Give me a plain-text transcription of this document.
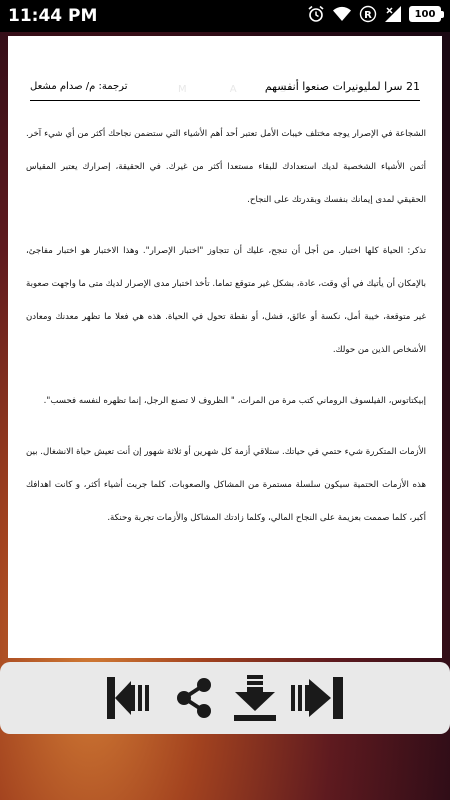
11:44 PM	R	100
M A S
21 سرا لمليونيرات صنعوا أنفسهم
ترجمة: م/ صدام مشعل

الشجاعة في الإصرار يوجه مختلف خيبات الأمل تعتبر أحد أهم الأشياء التي ستضمن نجاحك أكثر من أي شيء آخر. أثمن الأشياء الشخصية لديك استعدادك للبقاء مستعدا أكثر من غيرك. في الحقيقة، إصرارك يعتبر المقياس الحقيقي لمدى إيمانك بنفسك وبقدرتك على النجاح.

تذكر: الحياة كلها اختبار. من أجل أن تنجح، عليك أن تتجاوز "اختبار الإصرار". وهذا الاختبار هو اختبار مفاجئ، بالإمكان أن يأتيك في أي وقت، عادة، بشكل غير متوقع تماما. تأخذ اختبار مدى الإصرار لديك متى ما واجهت صعوبة غير متوقعة، خيبة أمل، نكسة أو عائق، فشل، أو نقطة تحول في الحياة. هذه هي فعلا ما تظهر معدنك ومعادن الأشخاص الذين من حولك.

إبيكتاتوس، الفيلسوف الروماني كتب مرة من المرات، " الظروف لا تصنع الرجل، إنما تظهره لنفسه فحسب".

الأزمات المتكررة شيء حتمي في حياتك. ستلاقي أزمة كل شهرين أو ثلاثة شهور إن أنت تعيش حياة الانشغال. بين هذه الأزمات الحتمية سيكون سلسلة مستمرة من المشاكل والصعوبات. كلما جربت أشياء أكثر، و كانت اهدافك أكبر، كلما صممت بعزيمة على النجاح المالي، وكلما زادتك المشاكل والأزمات تجربة وحنكة.
